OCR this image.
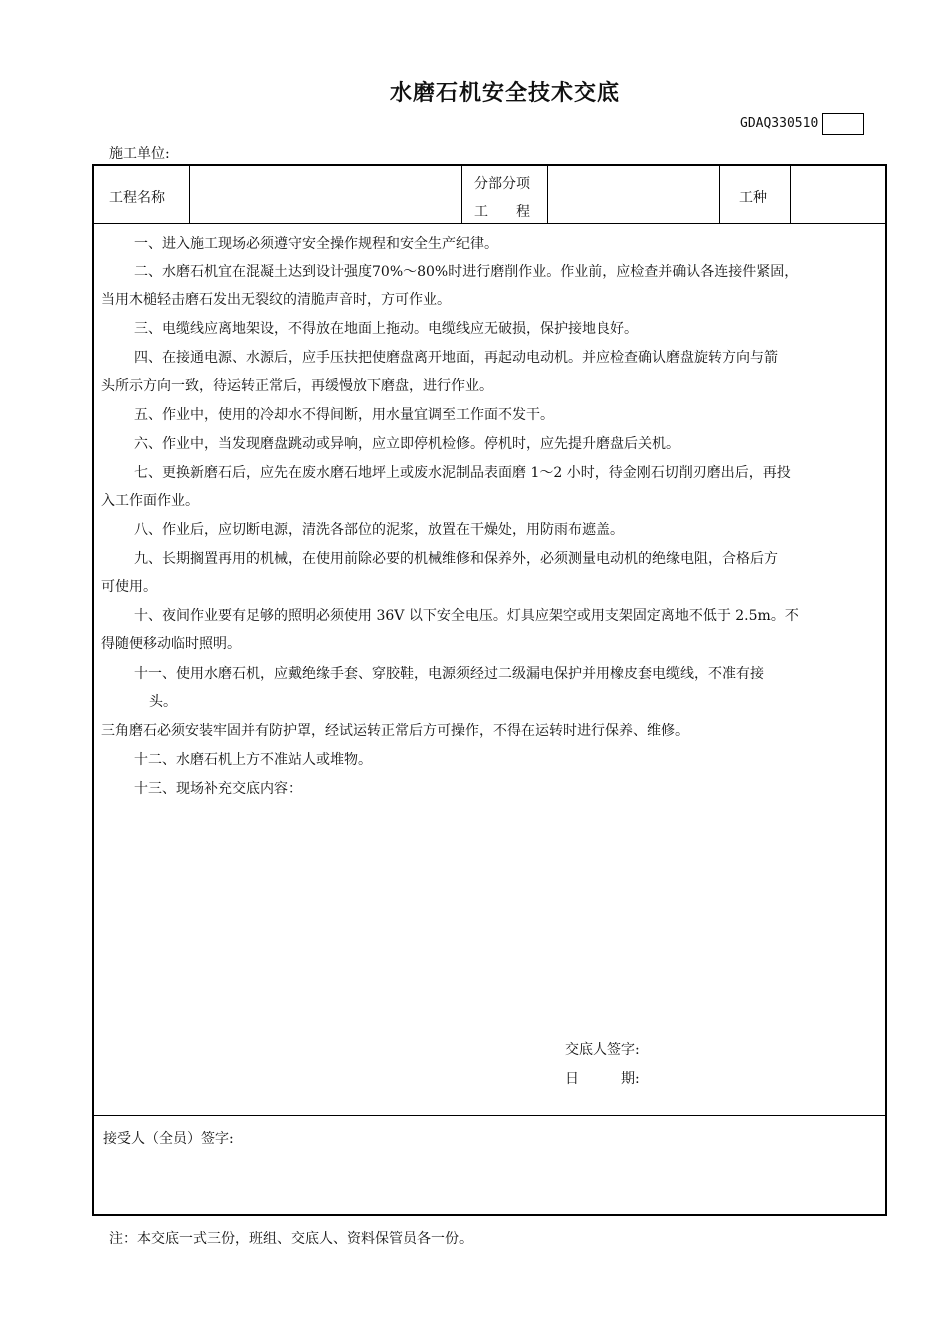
水磨石机安全技术交底
GDAQ330510
施工单位:
工程名称
分部分项
工　　程
工种
一、进入施工现场必须遵守安全操作规程和安全生产纪律。
二、水磨石机宜在混凝土达到设计强度70%～80%时进行磨削作业。作业前，应检查并确认各连接件紧固，
当用木槌轻击磨石发出无裂纹的清脆声音时，方可作业。
三、电缆线应离地架设，不得放在地面上拖动。电缆线应无破损，保护接地良好。
四、在接通电源、水源后，应手压扶把使磨盘离开地面，再起动电动机。并应检查确认磨盘旋转方向与箭
头所示方向一致，待运转正常后，再缓慢放下磨盘，进行作业。
五、作业中，使用的冷却水不得间断，用水量宜调至工作面不发干。
六、作业中，当发现磨盘跳动或异响，应立即停机检修。停机时，应先提升磨盘后关机。
七、更换新磨石后，应先在废水磨石地坪上或废水泥制品表面磨 1～2 小时，待金刚石切削刃磨出后，再投
入工作面作业。
八、作业后，应切断电源，清洗各部位的泥浆，放置在干燥处，用防雨布遮盖。
九、长期搁置再用的机械，在使用前除必要的机械维修和保养外，必须测量电动机的绝缘电阻，合格后方
可使用。
十、夜间作业要有足够的照明必须使用 36V 以下安全电压。灯具应架空或用支架固定离地不低于 2.5m。不
得随便移动临时照明。
十一、使用水磨石机，应戴绝缘手套、穿胶鞋，电源须经过二级漏电保护并用橡皮套电缆线，不准有接
头。
三角磨石必须安装牢固并有防护罩，经试运转正常后方可操作，不得在运转时进行保养、维修。
十二、水磨石机上方不准站人或堆物。
十三、现场补充交底内容：
交底人签字:
日　　　期:
接受人（全员）签字:
注：本交底一式三份，班组、交底人、资料保管员各一份。
